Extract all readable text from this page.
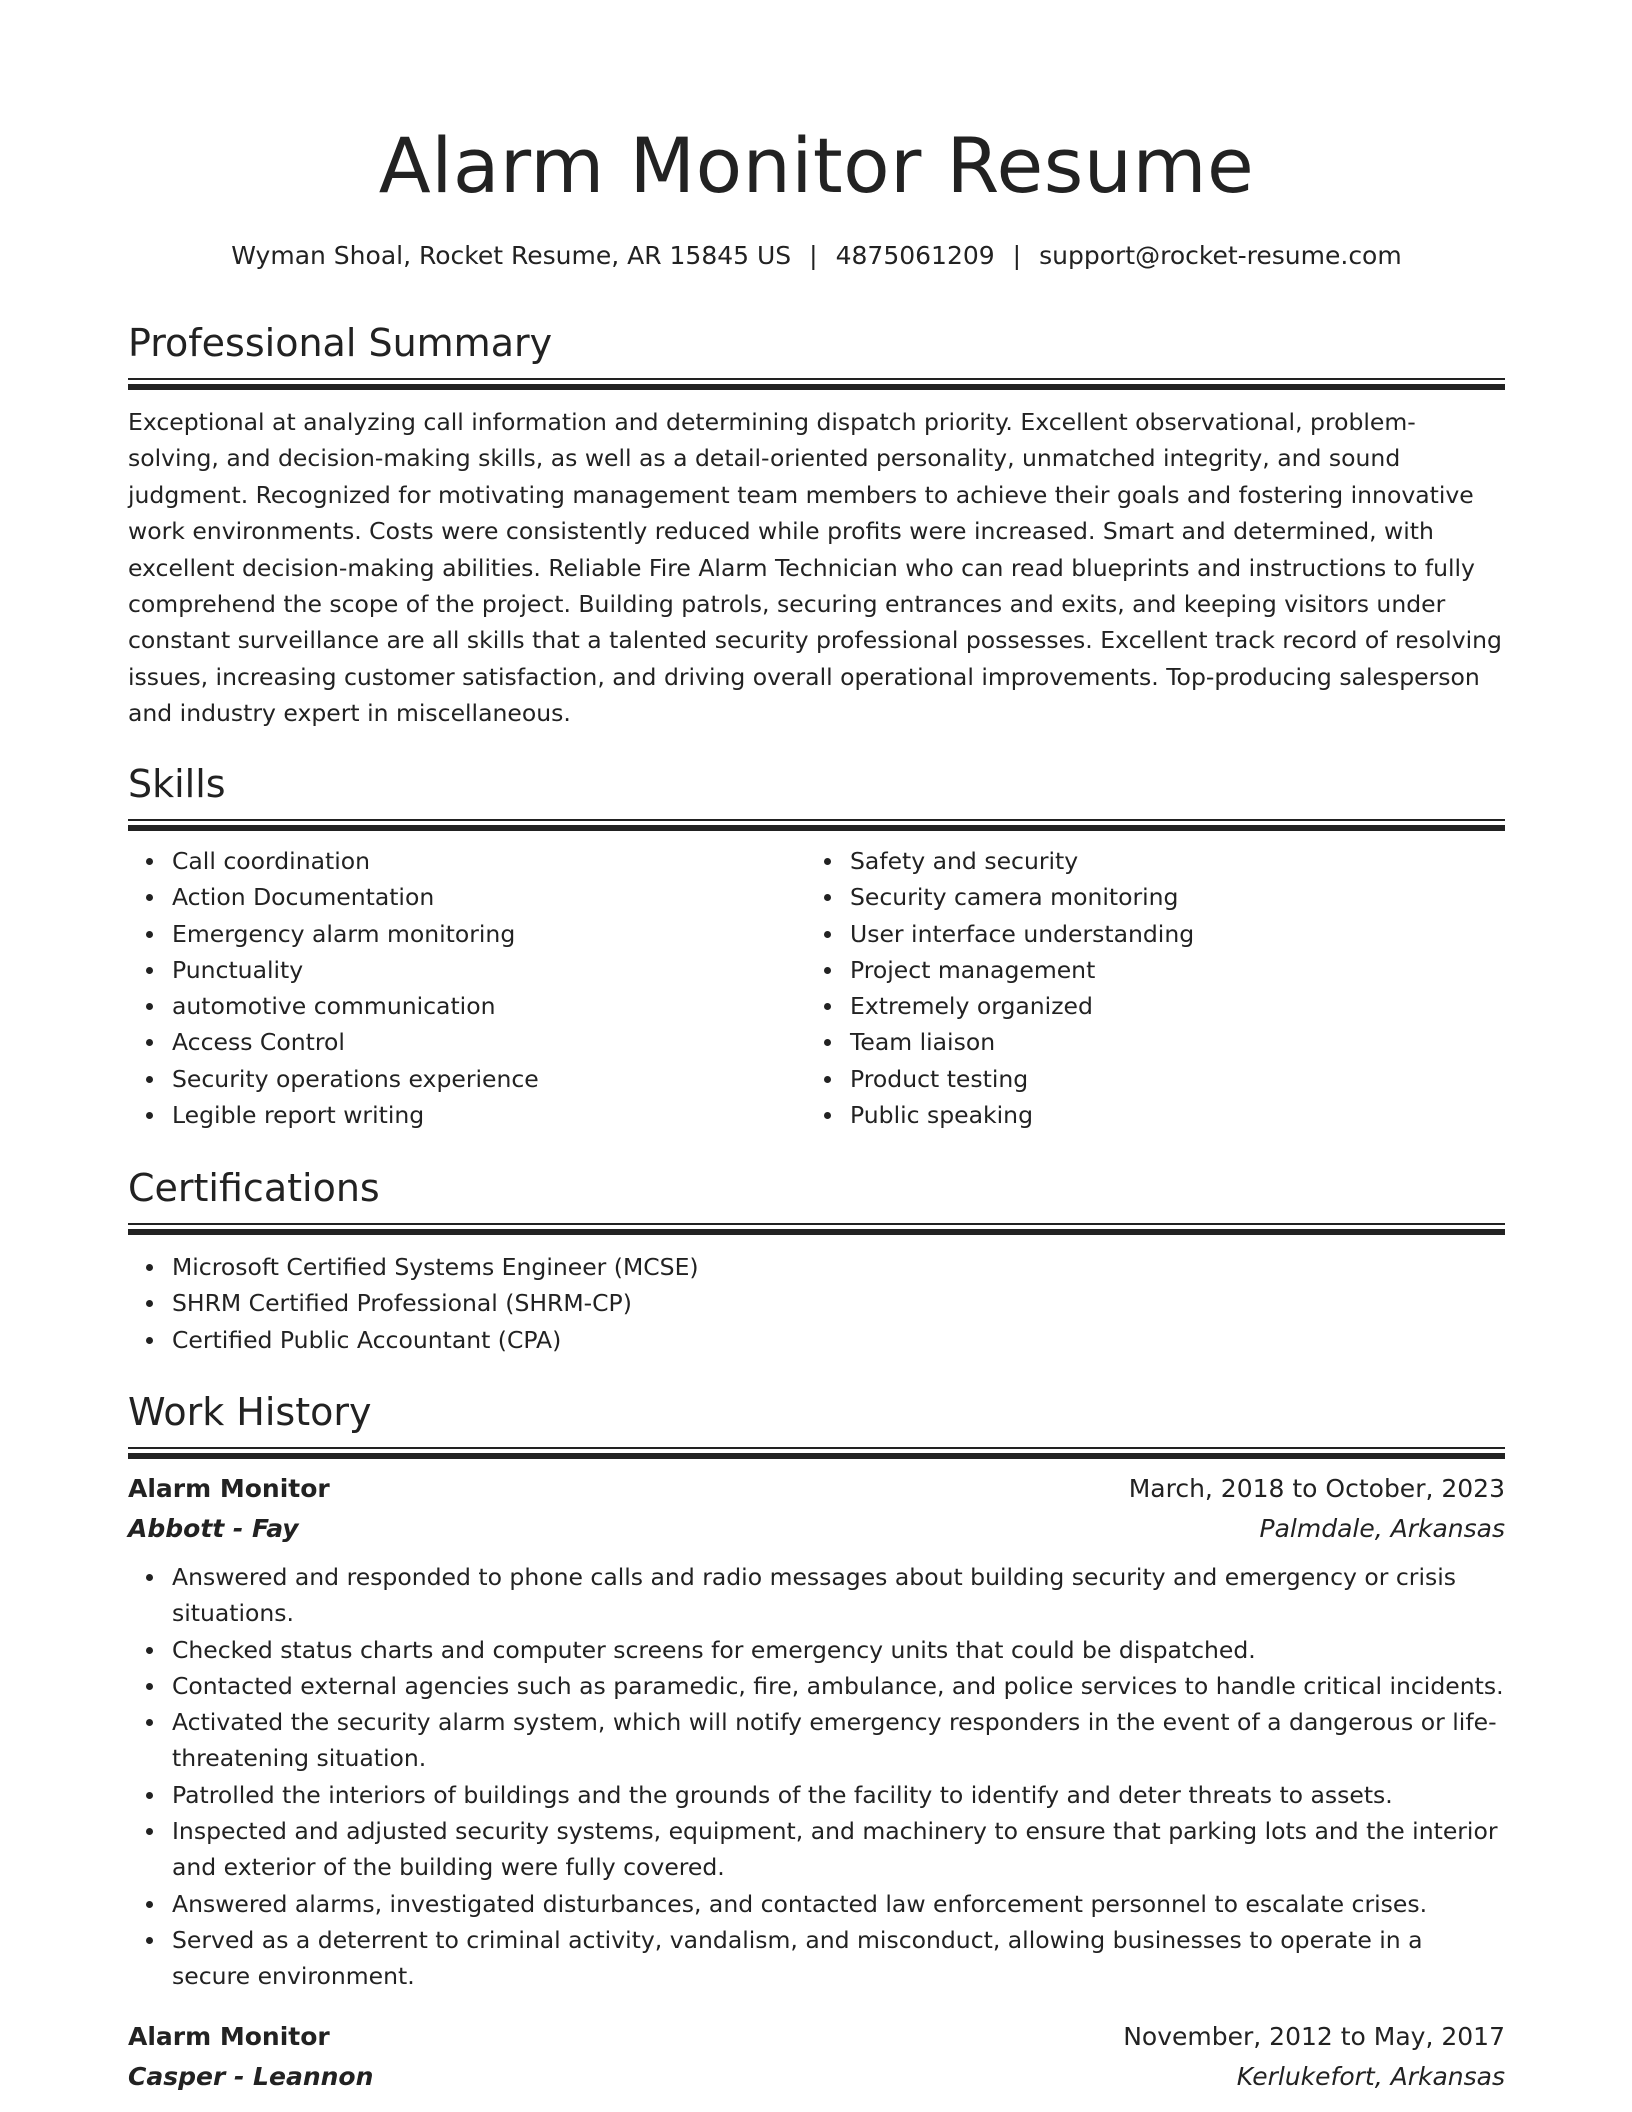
Alarm Monitor Resume
Wyman Shoal, Rocket Resume, AR 15845 US | 4875061209 | support@rocket-resume.com
Professional Summary

Exceptional at analyzing call information and determining dispatch priority. Excellent observational, problem-solving, and decision-making skills, as well as a detail-oriented personality, unmatched integrity, and sound judgment. Recognized for motivating management team members to achieve their goals and fostering innovative work environments. Costs were consistently reduced while profits were increased. Smart and determined, with excellent decision-making abilities. Reliable Fire Alarm Technician who can read blueprints and instructions to fully comprehend the scope of the project. Building patrols, securing entrances and exits, and keeping visitors under constant surveillance are all skills that a talented security professional possesses. Excellent track record of resolving issues, increasing customer satisfaction, and driving overall operational improvements. Top-producing salesperson and industry expert in miscellaneous.

Skills
Call coordination
Action Documentation
Emergency alarm monitoring
Punctuality
automotive communication
Access Control
Security operations experience
Legible report writing
Safety and security
Security camera monitoring
User interface understanding
Project management
Extremely organized
Team liaison
Product testing
Public speaking
Certifications
Microsoft Certified Systems Engineer (MCSE)
SHRM Certified Professional (SHRM-CP)
Certified Public Accountant (CPA)
Work History
Alarm Monitor	March, 2018 to October, 2023
Abbott - Fay	Palmdale, Arkansas
Answered and responded to phone calls and radio messages about building security and emergency or crisis situations.
Checked status charts and computer screens for emergency units that could be dispatched.
Contacted external agencies such as paramedic, fire, ambulance, and police services to handle critical incidents.
Activated the security alarm system, which will notify emergency responders in the event of a dangerous or life-threatening situation.
Patrolled the interiors of buildings and the grounds of the facility to identify and deter threats to assets.
Inspected and adjusted security systems, equipment, and machinery to ensure that parking lots and the interior and exterior of the building were fully covered.
Answered alarms, investigated disturbances, and contacted law enforcement personnel to escalate crises.
Served as a deterrent to criminal activity, vandalism, and misconduct, allowing businesses to operate in a secure environment.
Alarm Monitor	November, 2012 to May, 2017
Casper - Leannon	Kerlukefort, Arkansas
